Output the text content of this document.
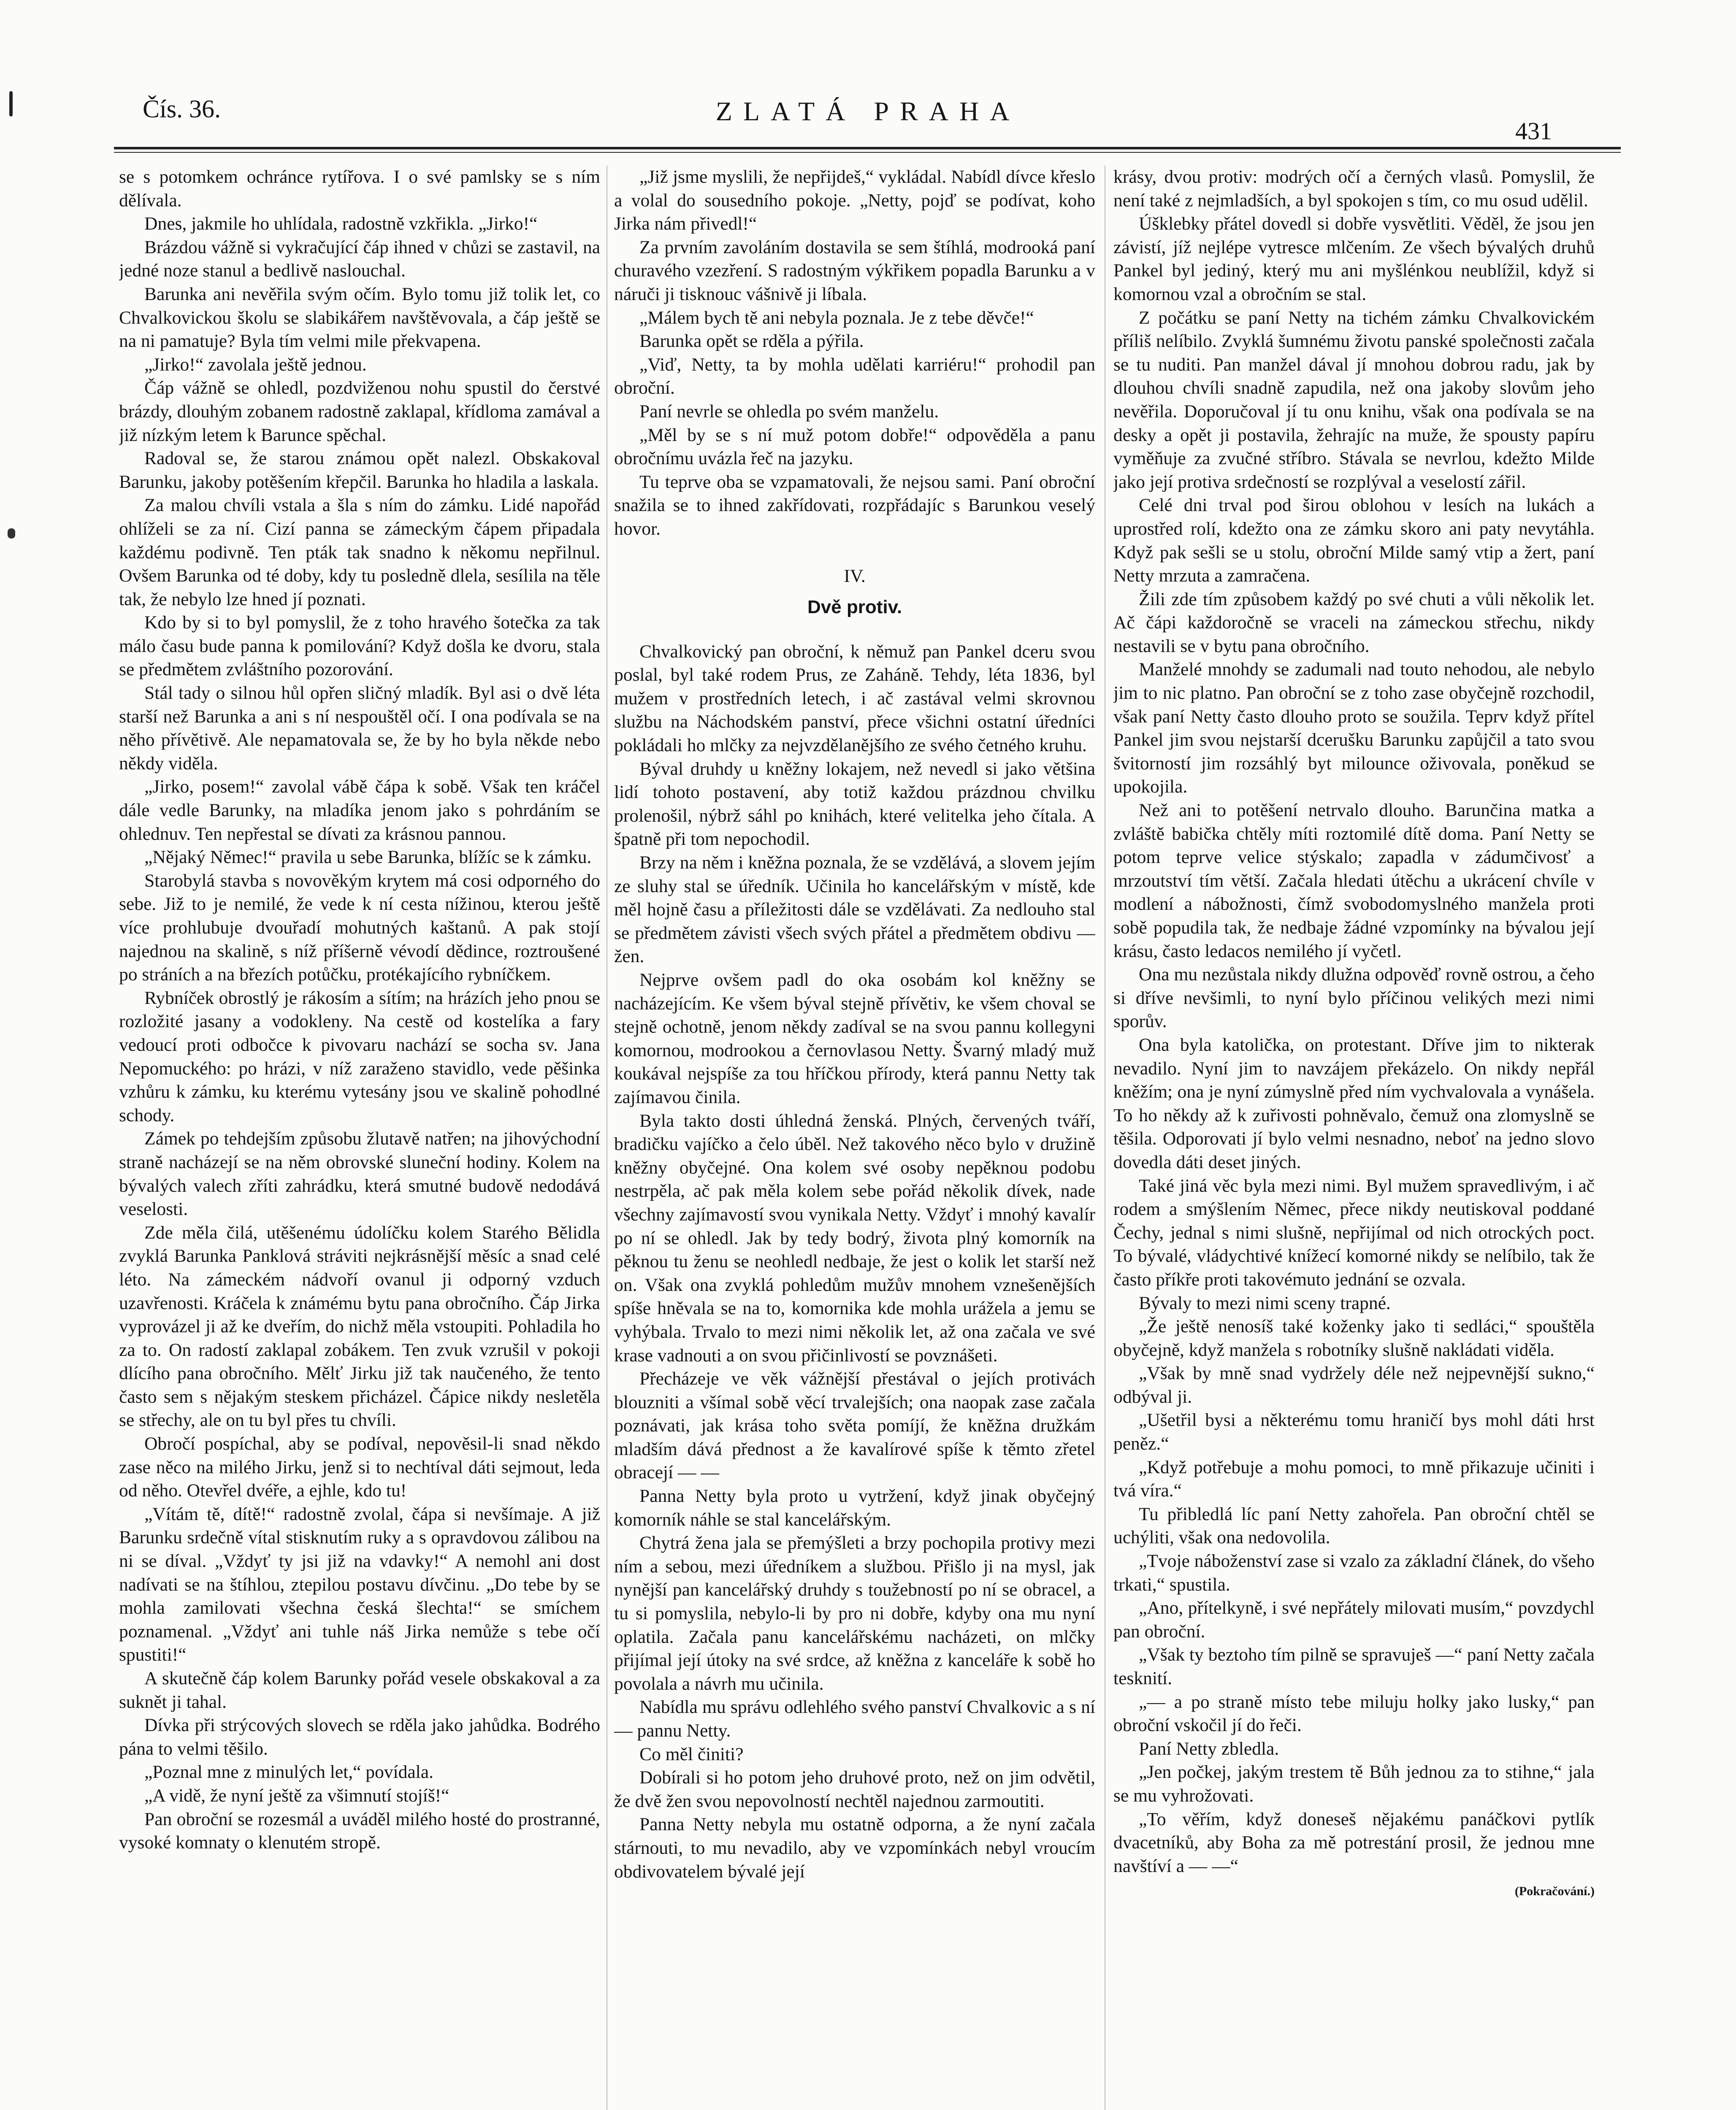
Čís. 36.	ZLATÁ PRAHA
431

se s potomkem ochránce rytířova. I o své pamlsky se s ním dělívala.

Dnes, jakmile ho uhlídala, radostně vzkřikla. „Jirko!“

Brázdou vážně si vykračující čáp ihned v chůzi se zastavil, na jedné noze stanul a bedlivě naslouchal.

Barunka ani nevěřila svým očím. Bylo tomu již tolik let, co Chvalkovickou školu se slabikářem navštěvovala, a čáp ještě se na ni pamatuje? Byla tím velmi mile překvapena.

„Jirko!“ zavolala ještě jednou.

Čáp vážně se ohledl, pozdviženou nohu spustil do čerstvé brázdy, dlouhým zobanem radostně zaklapal, křídloma zamával a již nízkým letem k Barunce spěchal.

Radoval se, že starou známou opět nalezl. Obskakoval Barunku, jakoby potěšením křepčil. Barunka ho hladila a laskala.

Za malou chvíli vstala a šla s ním do zámku. Lidé napořád ohlíželi se za ní. Cizí panna se zámeckým čápem připadala každému podivně. Ten pták tak snadno k někomu nepřilnul. Ovšem Barunka od té doby, kdy tu posledně dlela, sesílila na těle tak, že nebylo lze hned jí poznati.

Kdo by si to byl pomyslil, že z toho hravého šotečka za tak málo času bude panna k pomilování? Když došla ke dvoru, stala se předmětem zvláštního pozorování.

Stál tady o silnou hůl opřen sličný mladík. Byl asi o dvě léta starší než Barunka a ani s ní nespouštěl očí. I ona podívala se na něho přívětivě. Ale nepamatovala se, že by ho byla někde nebo někdy viděla.

„Jirko, posem!“ zavolal vábě čápa k sobě. Však ten kráčel dále vedle Barunky, na mladíka jenom jako s pohrdáním se ohlednuv. Ten nepřestal se dívati za krásnou pannou.

„Nějaký Němec!“ pravila u sebe Barunka, blížíc se k zámku.

Starobylá stavba s novověkým krytem má cosi odporného do sebe. Již to je nemilé, že vede k ní cesta nížinou, kterou ještě více prohlubuje dvouřadí mohutných kaštanů. A pak stojí najednou na skalině, s níž příšerně vévodí dědince, roztroušené po stráních a na březích potůčku, protékajícího rybníčkem.

Rybníček obrostlý je rákosím a sítím; na hrázích jeho pnou se rozložité jasany a vodokleny. Na cestě od kostelíka a fary vedoucí proti odbočce k pivovaru nachází se socha sv. Jana Nepomuckého: po hrázi, v níž zaraženo stavidlo, vede pěšinka vzhůru k zámku, ku kterému vytesány jsou ve skalině pohodlné schody.

Zámek po tehdejším způsobu žlutavě natřen; na jihovýchodní straně nacházejí se na něm obrovské sluneční hodiny. Kolem na bývalých valech zříti zahrádku, která smutné budově nedodává veselosti.

Zde měla čilá, utěšenému údolíčku kolem Starého Bělidla zvyklá Barunka Panklová stráviti nejkrásnější měsíc a snad celé léto. Na zámeckém nádvoří ovanul ji odporný vzduch uzavřenosti. Kráčela k známému bytu pana obročního. Čáp Jirka vyprovázel ji až ke dveřím, do nichž měla vstoupiti. Pohladila ho za to. On radostí zaklapal zobákem. Ten zvuk vzrušil v pokoji dlícího pana obročního. Mělť Jirku již tak naučeného, že tento často sem s nějakým steskem přicházel. Čápice nikdy nesletěla se střechy, ale on tu byl přes tu chvíli.

Obročí pospíchal, aby se podíval, nepověsil-li snad někdo zase něco na milého Jirku, jenž si to nechtíval dáti sejmout, leda od něho. Otevřel dvéře, a ejhle, kdo tu!

„Vítám tě, dítě!“ radostně zvolal, čápa si nevšímaje. A již Barunku srdečně vítal stisknutím ruky a s opravdovou zálibou na ni se díval. „Vždyť ty jsi již na vdavky!“ A nemohl ani dost nadívati se na štíhlou, ztepilou postavu dívčinu. „Do tebe by se mohla zamilovati všechna česká šlechta!“ se smíchem poznamenal. „Vždyť ani tuhle náš Jirka nemůže s tebe očí spustiti!“

A skutečně čáp kolem Barunky pořád vesele obskakoval a za suknět ji tahal.

Dívka při strýcových slovech se rděla jako jahůdka. Bodrého pána to velmi těšilo.

„Poznal mne z minulých let,“ povídala.

„A vidě, že nyní ještě za všimnutí stojíš!“

Pan obroční se rozesmál a uváděl milého hosté do prostranné, vysoké komnaty o klenutém stropě.

„Již jsme myslili, že nepřijdeš,“ vykládal. Nabídl dívce křeslo a volal do sousedního pokoje. „Netty, pojď se podívat, koho Jirka nám přivedl!“

Za prvním zavoláním dostavila se sem štíhlá, modrooká paní churavého vzezření. S radostným výkřikem popadla Barunku a v náruči ji tisknouc vášnivě ji líbala.

„Málem bych tě ani nebyla poznala. Je z tebe děvče!“

Barunka opět se rděla a pýřila.

„Viď, Netty, ta by mohla udělati karriéru!“ prohodil pan obroční.

Paní nevrle se ohledla po svém manželu.

„Měl by se s ní muž potom dobře!“ odpověděla a panu obročnímu uvázla řeč na jazyku.

Tu teprve oba se vzpamatovali, že nejsou sami. Paní obroční snažila se to ihned zakřídovati, rozpřádajíc s Barunkou veselý hovor.

IV.
Dvě protiv.

Chvalkovický pan obroční, k němuž pan Pankel dceru svou poslal, byl také rodem Prus, ze Zaháně. Tehdy, léta 1836, byl mužem v prostředních letech, i ač zastával velmi skrovnou službu na Náchodském panství, přece všichni ostatní úředníci pokládali ho mlčky za nejvzdělanějšího ze svého četného kruhu.

Býval druhdy u kněžny lokajem, než nevedl si jako většina lidí tohoto postavení, aby totiž každou prázdnou chvilku prolenošil, nýbrž sáhl po knihách, které velitelka jeho čítala. A špatně při tom nepochodil.

Brzy na něm i kněžna poznala, že se vzdělává, a slovem jejím ze sluhy stal se úředník. Učinila ho kancelářským v místě, kde měl hojně času a příležitosti dále se vzdělávati. Za nedlouho stal se předmětem závisti všech svých přátel a předmětem obdivu — žen.

Nejprve ovšem padl do oka osobám kol kněžny se nacházejícím. Ke všem býval stejně přívětiv, ke všem choval se stejně ochotně, jenom někdy zadíval se na svou pannu kollegyni komornou, modrookou a černovlasou Netty. Švarný mladý muž koukával nejspíše za tou hříčkou přírody, která pannu Netty tak zajímavou činila.

Byla takto dosti úhledná ženská. Plných, červených tváří, bradičku vajíčko a čelo úběl. Než takového něco bylo v družině kněžny obyčejné. Ona kolem své osoby nepěknou podobu nestrpěla, ač pak měla kolem sebe pořád několik dívek, nade všechny zajímavostí svou vynikala Netty. Vždyť i mnohý kavalír po ní se ohledl. Jak by tedy bodrý, života plný komorník na pěknou tu ženu se neohledl nedbaje, že jest o kolik let starší než on. Však ona zvyklá pohledům mužův mnohem vznešenějších spíše hněvala se na to, komornika kde mohla urážela a jemu se vyhýbala. Trvalo to mezi nimi několik let, až ona začala ve své krase vadnouti a on svou přičinlivostí se povznášeti.

Přecházeje ve věk vážnější přestával o jejích protivách blouzniti a všímal sobě věcí trvalejších; ona naopak zase začala poznávati, jak krása toho světa pomíjí, že kněžna družkám mladším dává přednost a že kavalírové spíše k těmto zřetel obracejí — —

Panna Netty byla proto u vytržení, když jinak obyčejný komorník náhle se stal kancelářským.

Chytrá žena jala se přemýšleti a brzy pochopila protivy mezi ním a sebou, mezi úředníkem a službou. Přišlo ji na mysl, jak nynější pan kancelářský druhdy s toužebností po ní se obracel, a tu si pomyslila, nebylo-li by pro ni dobře, kdyby ona mu nyní oplatila. Začala panu kancelářskému nacházeti, on mlčky přijímal její útoky na své srdce, až kněžna z kanceláře k sobě ho povolala a návrh mu učinila.

Nabídla mu správu odlehlého svého panství Chvalkovic a s ní — pannu Netty.

Co měl činiti?

Dobírali si ho potom jeho druhové proto, než on jim odvětil, že dvě žen svou nepovolností nechtěl najednou zarmoutiti.

Panna Netty nebyla mu ostatně odporna, a že nyní začala stárnouti, to mu nevadilo, aby ve vzpomínkách nebyl vroucím obdivovatelem bývalé její

krásy, dvou protiv: modrých očí a černých vlasů. Pomyslil, že není také z nejmladších, a byl spokojen s tím, co mu osud udělil.

Úšklebky přátel dovedl si dobře vysvětliti. Věděl, že jsou jen závistí, jíž nejlépe vytresce mlčením. Ze všech bývalých druhů Pankel byl jediný, který mu ani myšlénkou neublížil, když si komornou vzal a obročním se stal.

Z počátku se paní Netty na tichém zámku Chvalkovickém příliš nelíbilo. Zvyklá šumnému životu panské společnosti začala se tu nuditi. Pan manžel dával jí mnohou dobrou radu, jak by dlouhou chvíli snadně zapudila, než ona jakoby slovům jeho nevěřila. Doporučoval jí tu onu knihu, však ona podívala se na desky a opět ji postavila, žehrajíc na muže, že spousty papíru vyměňuje za zvučné stříbro. Stávala se nevrlou, kdežto Milde jako její protiva srdečností se rozplýval a veselostí zářil.

Celé dni trval pod širou oblohou v lesích na lukách a uprostřed rolí, kdežto ona ze zámku skoro ani paty nevytáhla. Když pak sešli se u stolu, obroční Milde samý vtip a žert, paní Netty mrzuta a zamračena.

Žili zde tím způsobem každý po své chuti a vůli několik let. Ač čápi každoročně se vraceli na zámeckou střechu, nikdy nestavili se v bytu pana obročního.

Manželé mnohdy se zadumali nad touto nehodou, ale nebylo jim to nic platno. Pan obroční se z toho zase obyčejně rozchodil, však paní Netty často dlouho proto se soužila. Teprv když přítel Pankel jim svou nejstarší dcerušku Barunku zapůjčil a tato svou švitorností jim rozsáhlý byt milounce oživovala, poněkud se upokojila.

Než ani to potěšení netrvalo dlouho. Barunčina matka a zvláště babička chtěly míti roztomilé dítě doma. Paní Netty se potom teprve velice stýskalo; zapadla v zádumčivosť a mrzoutství tím větší. Začala hledati útěchu a ukrácení chvíle v modlení a nábožnosti, čímž svobodomyslného manžela proti sobě popudila tak, že nedbaje žádné vzpomínky na bývalou její krásu, často ledacos nemilého jí vyčetl.

Ona mu nezůstala nikdy dlužna odpověď rovně ostrou, a čeho si dříve nevšimli, to nyní bylo příčinou velikých mezi nimi sporův.

Ona byla katolička, on protestant. Dříve jim to nikterak nevadilo. Nyní jim to navzájem překázelo. On nikdy nepřál kněžím; ona je nyní zúmyslně před ním vychvalovala a vynášela. To ho někdy až k zuřivosti pohněvalo, čemuž ona zlomyslně se těšila. Odporovati jí bylo velmi nesnadno, neboť na jedno slovo dovedla dáti deset jiných.

Také jiná věc byla mezi nimi. Byl mužem spravedlivým, i ač rodem a smýšlením Němec, přece nikdy neutiskoval poddané Čechy, jednal s nimi slušně, nepřijímal od nich otrockých poct. To bývalé, vládychtivé knížecí komorné nikdy se nelíbilo, tak že často příkře proti takovémuto jednání se ozvala.

Bývaly to mezi nimi sceny trapné.

„Že ještě nenosíš také koženky jako ti sedláci,“ spouštěla obyčejně, když manžela s robotníky slušně nakládati viděla.

„Však by mně snad vydržely déle než nejpevnější sukno,“ odbýval ji.

„Ušetřil bysi a některému tomu hraničí bys mohl dáti hrst peněz.“

„Když potřebuje a mohu pomoci, to mně přikazuje učiniti i tvá víra.“

Tu přibledlá líc paní Netty zahořela. Pan obroční chtěl se uchýliti, však ona nedovolila.

„Tvoje náboženství zase si vzalo za základní článek, do všeho trkati,“ spustila.

„Ano, přítelkyně, i své nepřátely milovati musím,“ povzdychl pan obroční.

„Však ty beztoho tím pilně se spravuješ —“ paní Netty začala tesknití.

„— a po straně místo tebe miluju holky jako lusky,“ pan obroční vskočil jí do řeči.

Paní Netty zbledla.

„Jen počkej, jakým trestem tě Bůh jednou za to stihne,“ jala se mu vyhrožovati.

„To věřím, když doneseš nějakému panáčkovi pytlík dvacetníků, aby Boha za mě potrestání prosil, že jednou mne navštíví a — —“

(Pokračování.)
